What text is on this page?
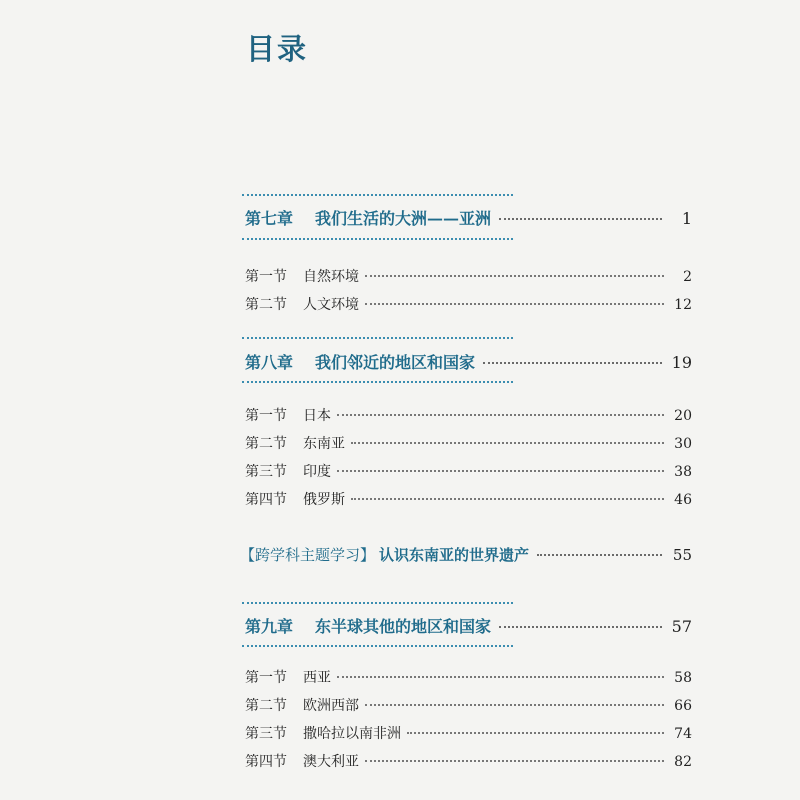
目录
第七章 我们生活的大洲——亚洲	1
第一节 自然环境	2
第二节 人文环境	12
第八章 我们邻近的地区和国家	19
第一节 日本	20
第二节 东南亚	30
第三节 印度	38
第四节 俄罗斯	46
【跨学科主题学习】 认识东南亚的世界遗产	55
第九章 东半球其他的地区和国家	57
第一节 西亚	58
第二节 欧洲西部	66
第三节 撒哈拉以南非洲	74
第四节 澳大利亚	82
